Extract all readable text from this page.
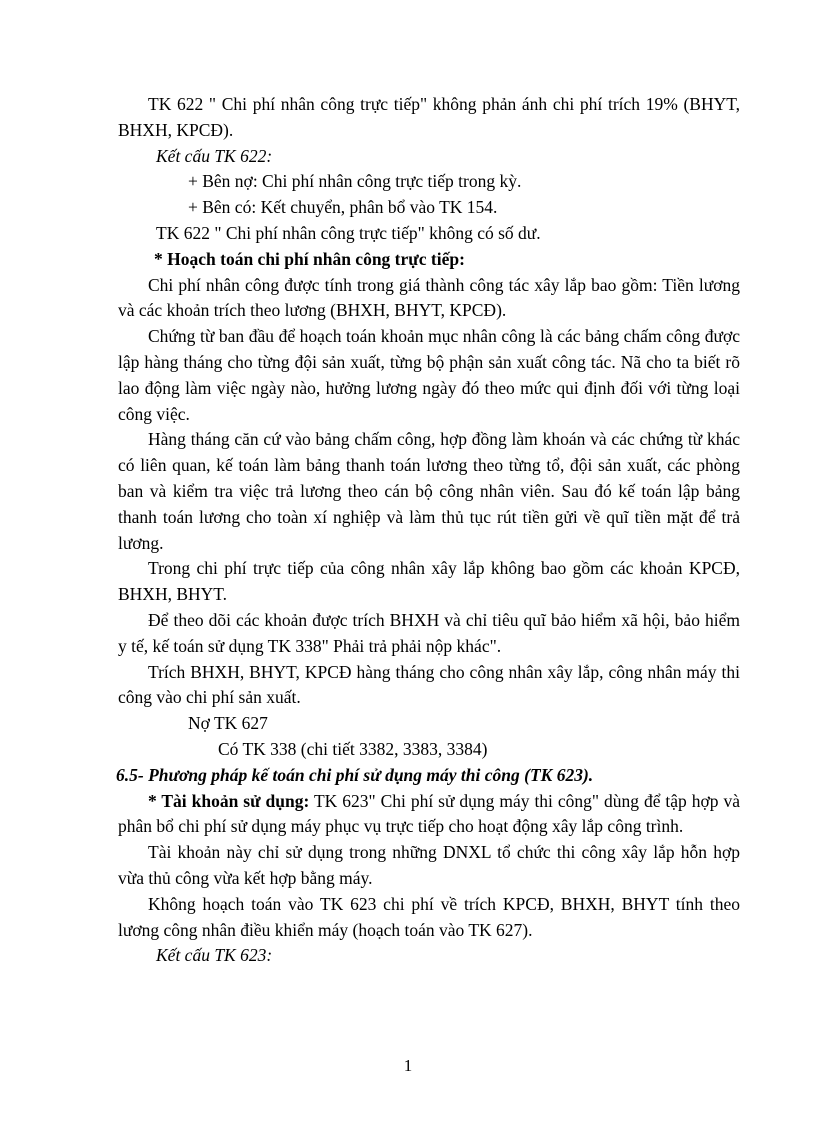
TK 622 " Chi phí nhân công trực tiếp" không phản ánh chi phí trích 19% (BHYT, BHXH, KPCĐ).

Kết cấu TK 622:

+ Bên nợ: Chi phí nhân công trực tiếp trong kỳ.

+ Bên có: Kết chuyển, phân bổ vào TK 154.

TK 622 " Chi phí nhân công trực tiếp" không có số dư.

* Hoạch toán chi phí nhân công trực tiếp:

Chi phí nhân công được tính trong giá thành công tác xây lắp bao gồm: Tiền lương và các khoản trích theo lương (BHXH, BHYT, KPCĐ).

Chứng từ ban đầu để hoạch toán khoản mục nhân công là các bảng chấm công được lập hàng tháng cho từng đội sản xuất, từng bộ phận sản xuất công tác. Nã cho ta biết rõ lao động làm việc ngày nào, hưởng lương ngày đó theo mức qui định đối với từng loại công việc.

Hàng tháng căn cứ vào bảng chấm công, hợp đồng làm khoán và các chứng từ khác có liên quan, kế toán làm bảng thanh toán lương theo từng tổ, đội sản xuất, các phòng ban và kiểm tra việc trả lương theo cán bộ công nhân viên. Sau đó kế toán lập bảng thanh toán lương cho toàn xí nghiệp và làm thủ tục rút tiền gửi về quĩ tiền mặt để trả lương.

Trong chi phí trực tiếp của công nhân xây lắp không bao gồm các khoản KPCĐ, BHXH, BHYT.

Để theo dõi các khoản được trích BHXH và chỉ tiêu quĩ bảo hiểm xã hội, bảo hiểm y tế, kế toán sử dụng TK 338" Phải trả phải nộp khác".

Trích BHXH, BHYT, KPCĐ hàng tháng cho công nhân xây lắp, công nhân máy thi công vào chi phí sản xuất.

Nợ TK 627

Có TK 338 (chi tiết 3382, 3383, 3384)

6.5- Phương pháp kế toán chi phí sử dụng máy thi công (TK 623).

* Tài khoản sử dụng: TK 623" Chi phí sử dụng máy thi công" dùng để tập hợp và phân bổ chi phí sử dụng máy phục vụ trực tiếp cho hoạt động xây lắp công trình.

Tài khoản này chỉ sử dụng trong những DNXL tổ chức thi công xây lắp hỗn hợp vừa thủ công vừa kết hợp bằng máy.

Không hoạch toán vào TK 623 chi phí về trích KPCĐ, BHXH, BHYT tính theo lương công nhân điều khiển máy (hoạch toán vào TK 627).

Kết cấu TK 623:

1
